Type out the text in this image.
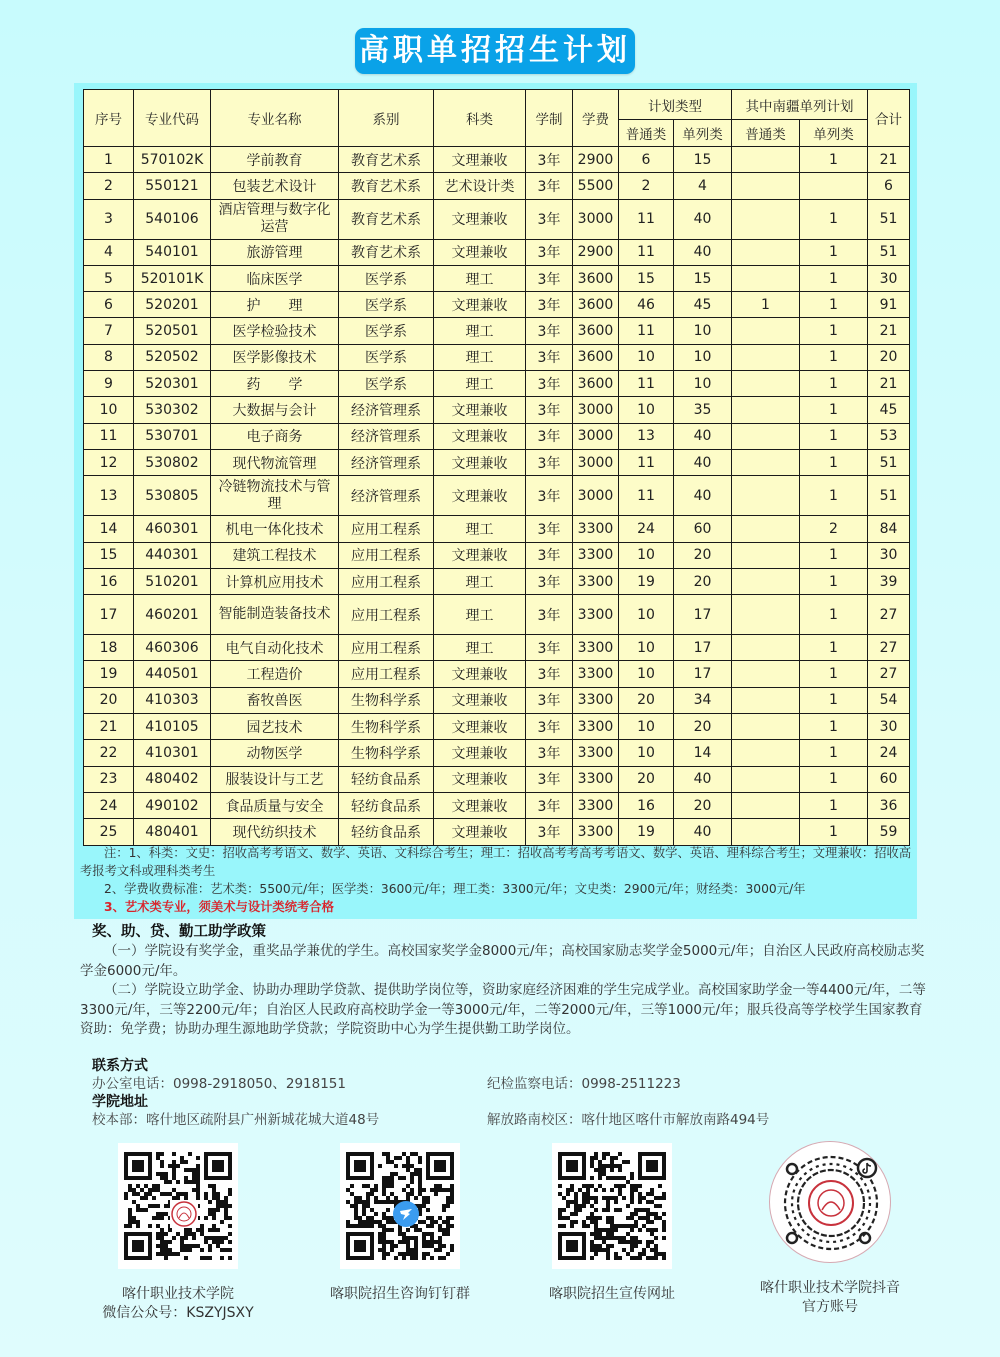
高职单招招生计划
序号	专业代码	专业名称	系别	科类	学制	学费	计划类型		其中南疆单列计划		合计
							普通类	单列类	普通类	单列类	
1	570102K	学前教育	教育艺术系	文理兼收	3年	2900	6	15		1	21
2	550121	包装艺术设计	教育艺术系	艺术设计类	3年	5500	2	4			6
3	540106	酒店管理与数字化运营	教育艺术系	文理兼收	3年	3000	11	40		1	51
4	540101	旅游管理	教育艺术系	文理兼收	3年	2900	11	40		1	51
5	520101K	临床医学	医学系	理工	3年	3600	15	15		1	30
6	520201	护　　理	医学系	文理兼收	3年	3600	46	45	1	1	91
7	520501	医学检验技术	医学系	理工	3年	3600	11	10		1	21
8	520502	医学影像技术	医学系	理工	3年	3600	10	10		1	20
9	520301	药　　学	医学系	理工	3年	3600	11	10		1	21
10	530302	大数据与会计	经济管理系	文理兼收	3年	3000	10	35		1	45
11	530701	电子商务	经济管理系	文理兼收	3年	3000	13	40		1	53
12	530802	现代物流管理	经济管理系	文理兼收	3年	3000	11	40		1	51
13	530805	冷链物流技术与管理	经济管理系	文理兼收	3年	3000	11	40		1	51
14	460301	机电一体化技术	应用工程系	理工	3年	3300	24	60		2	84
15	440301	建筑工程技术	应用工程系	文理兼收	3年	3300	10	20		1	30
16	510201	计算机应用技术	应用工程系	理工	3年	3300	19	20		1	39
17	460201	智能制造装备技术	应用工程系	理工	3年	3300	10	17		1	27
18	460306	电气自动化技术	应用工程系	理工	3年	3300	10	17		1	27
19	440501	工程造价	应用工程系	文理兼收	3年	3300	10	17		1	27
20	410303	畜牧兽医	生物科学系	文理兼收	3年	3300	20	34		1	54
21	410105	园艺技术	生物科学系	文理兼收	3年	3300	10	20		1	30
22	410301	动物医学	生物科学系	文理兼收	3年	3300	10	14		1	24
23	480402	服装设计与工艺	轻纺食品系	文理兼收	3年	3300	20	40		1	60
24	490102	食品质量与安全	轻纺食品系	文理兼收	3年	3300	16	20		1	36
25	480401	现代纺织技术	轻纺食品系	文理兼收	3年	3300	19	40		1	59

注：1、科类：文史：招收高考考语文、数学、英语、文科综合考生；理工：招收高考考高考考语文、数学、英语、理科综合考生；文理兼收：招收高考报考文科或理科类考生

2、学费收费标准：艺术类：5500元/年；医学类：3600元/年；理工类：3300元/年；文史类：2900元/年；财经类：3000元/年

3、艺术类专业，须美术与设计类统考合格

奖、助、贷、勤工助学政策

（一）学院设有奖学金，重奖品学兼优的学生。高校国家奖学金8000元/年；高校国家励志奖学金5000元/年；自治区人民政府高校励志奖学金6000元/年。

（二）学院设立助学金、协助办理助学贷款、提供助学岗位等，资助家庭经济困难的学生完成学业。高校国家助学金一等4400元/年，二等3300元/年，三等2200元/年；自治区人民政府高校助学金一等3000元/年，二等2000元/年，三等1000元/年；服兵役高等学校学生国家教育资助：免学费；协助办理生源地助学贷款；学院资助中心为学生提供勤工助学岗位。

联系方式
办公室电话：0998-2918050、2918151	纪检监察电话：0998-2511223
学院地址
校本部：喀什地区疏附县广州新城花城大道48号	解放路南校区：喀什地区喀什市解放南路494号
喀什职业技术学院
微信公众号：KSZYJSXY
喀职院招生咨询钉钉群	喀职院招生宣传网址	喀什职业技术学院抖音
官方账号
